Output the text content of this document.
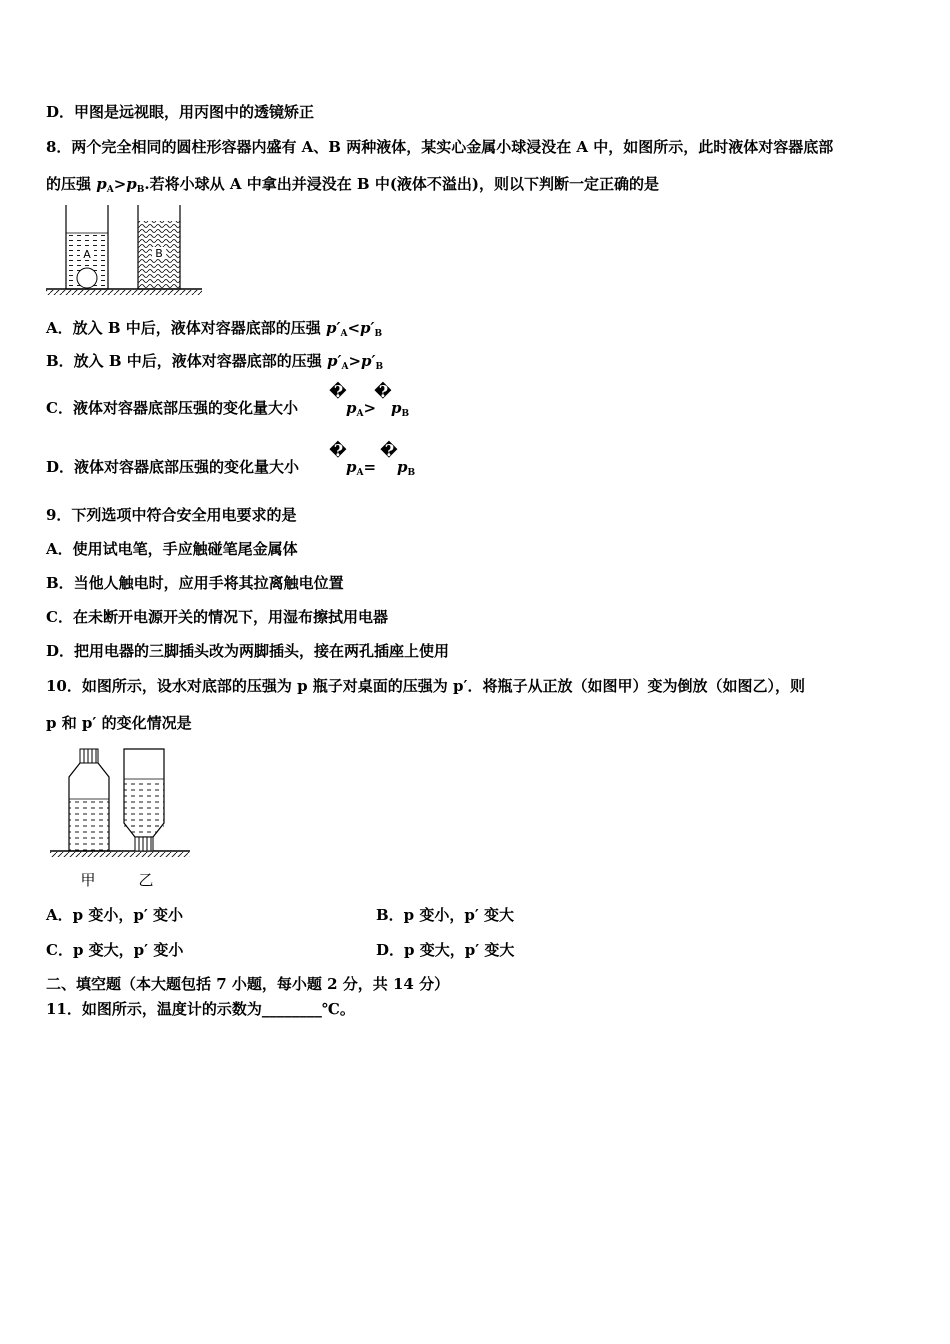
D．甲图是远视眼，用丙图中的透镜矫正
8．两个完全相同的圆柱形容器内盛有 A、B 两种液体，某实心金属小球浸没在 A 中，如图所示，此时液体对容器底部
的压强 $p_A>p_B$.若将小球从 A 中拿出并浸没在 B 中(液体不溢出)，则以下判断一定正确的是
A	B
A．放入 B 中后，液体对容器底部的压强 $p'_A<p'_B$
B．放入 B 中后，液体对容器底部的压强 $p'_A>p'_B$
C．液体对容器底部压强的变化量大小
�
$p_A>$
�
$p_B$
D．液体对容器底部压强的变化量大小
�
$p_A=$
�
$p_B$
9．下列选项中符合安全用电要求的是
A．使用试电笔，手应触碰笔尾金属体
B．当他人触电时，应用手将其拉离触电位置
C．在未断开电源开关的情况下，用湿布擦拭用电器
D．把用电器的三脚插头改为两脚插头，接在两孔插座上使用
10．如图所示，设水对底部的压强为 p 瓶子对桌面的压强为 p′．将瓶子从正放（如图甲）变为倒放（如图乙），则
p 和 p′ 的变化情况是
甲	乙
A．p 变小，p′ 变小	B．p 变小，p′ 变大
C．p 变大，p′ 变小	D．p 变大，p′ 变大
二、填空题（本大题包括 7 小题，每小题 2 分，共 14 分）
11．如图所示，温度计的示数为________℃。
